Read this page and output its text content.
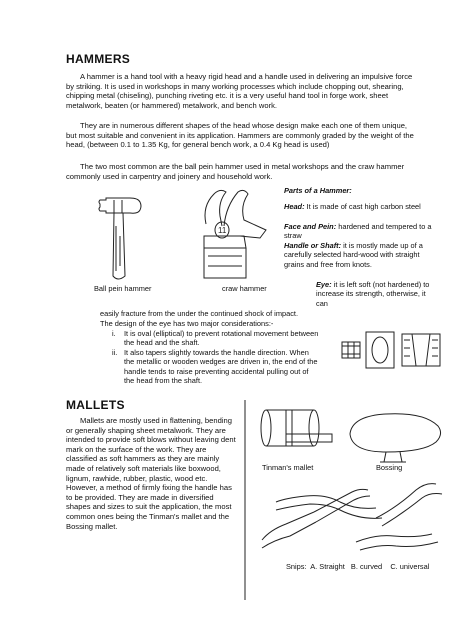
HAMMERS
A hammer is a hand tool with a heavy rigid head and a handle used in delivering an impulsive force by striking. It is used in workshops in many working processes which include chopping out, shearing, chipping metal (chiseling), punching riveting etc. it is a very useful hand tool in forge work, sheet metalwork, beaten (or hammered) metalwork, and bench work.
They are in numerous different shapes of the head whose design make each one of them unique, but most suitable and convenient in its application. Hammers are commonly graded by the weight of the head, (between 0.1 to 1.35 Kg, for general bench work, a 0.4 Kg head is used)
The two most common are the ball pein hammer used in metal workshops and the craw hammer commonly used in carpentry and joinery and household work.
Ball pein hammer
11
craw hammer
Parts of a Hammer:
Head: It is made of cast high carbon steel
Face and Pein: hardened and tempered to a straw
Handle or Shaft: it is mostly made up of a carefully selected hard-wood with straight grains and free from knots.
Eye: it is left soft (not hardened) to increase its strength, otherwise, it can
easily fracture from the under the continued shock of impact.
The design of the eye has two major considerations:-
i. It is oval (elliptical) to prevent rotational movement between the head and the shaft.
ii. It also tapers slightly towards the handle direction. When the metallic or wooden wedges are driven in, the end of the handle tends to raise preventing accidental pulling out of the head from the shaft.
MALLETS
Mallets are mostly used in flattening, bending or generally shaping sheet metalwork. They are intended to provide soft blows without leaving dent mark on the surface of the work. They are classified as soft hammers as they are mainly made of relatively soft materials like boxwood, lignum, rawhide, rubber, plastic, wood etc. However, a method of firmly fixing the handle has to be provided. They are made in diversified shapes and sizes to suit the application, the most common ones being the Tinman's mallet and the Bossing mallet.
Tinman's mallet	Bossing
Snips:  A. Straight   B. curved    C. universal
